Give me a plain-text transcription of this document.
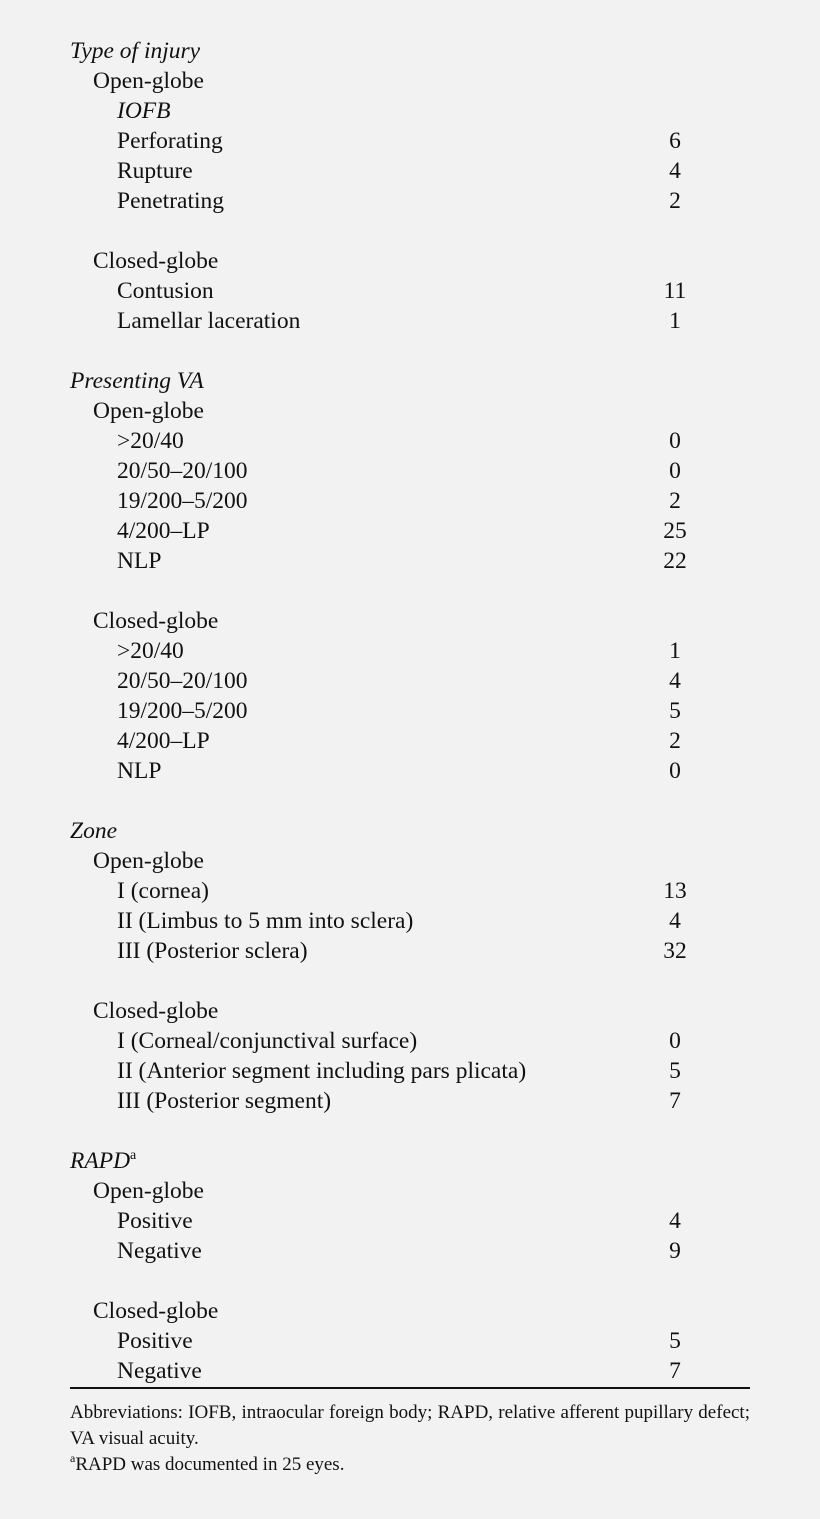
Type of injury
Open-globe
IOFB
Perforating	6
Rupture	4
Penetrating	2
Closed-globe
Contusion	11
Lamellar laceration	1
Presenting VA
Open-globe
>20/40	0
20/50–20/100	0
19/200–5/200	2
4/200–LP	25
NLP	22
Closed-globe
>20/40	1
20/50–20/100	4
19/200–5/200	5
4/200–LP	2
NLP	0
Zone
Open-globe
I (cornea)	13
II (Limbus to 5 mm into sclera)	4
III (Posterior sclera)	32
Closed-globe
I (Corneal/conjunctival surface)	0
II (Anterior segment including pars plicata)	5
III (Posterior segment)	7
RAPD$^a$
Open-globe
Positive	4
Negative	9
Closed-globe
Positive	5
Negative	7

Abbreviations: IOFB, intraocular foreign body; RAPD, relative afferent pupillary defect; VA visual acuity.

$^a$RAPD was documented in 25 eyes.
